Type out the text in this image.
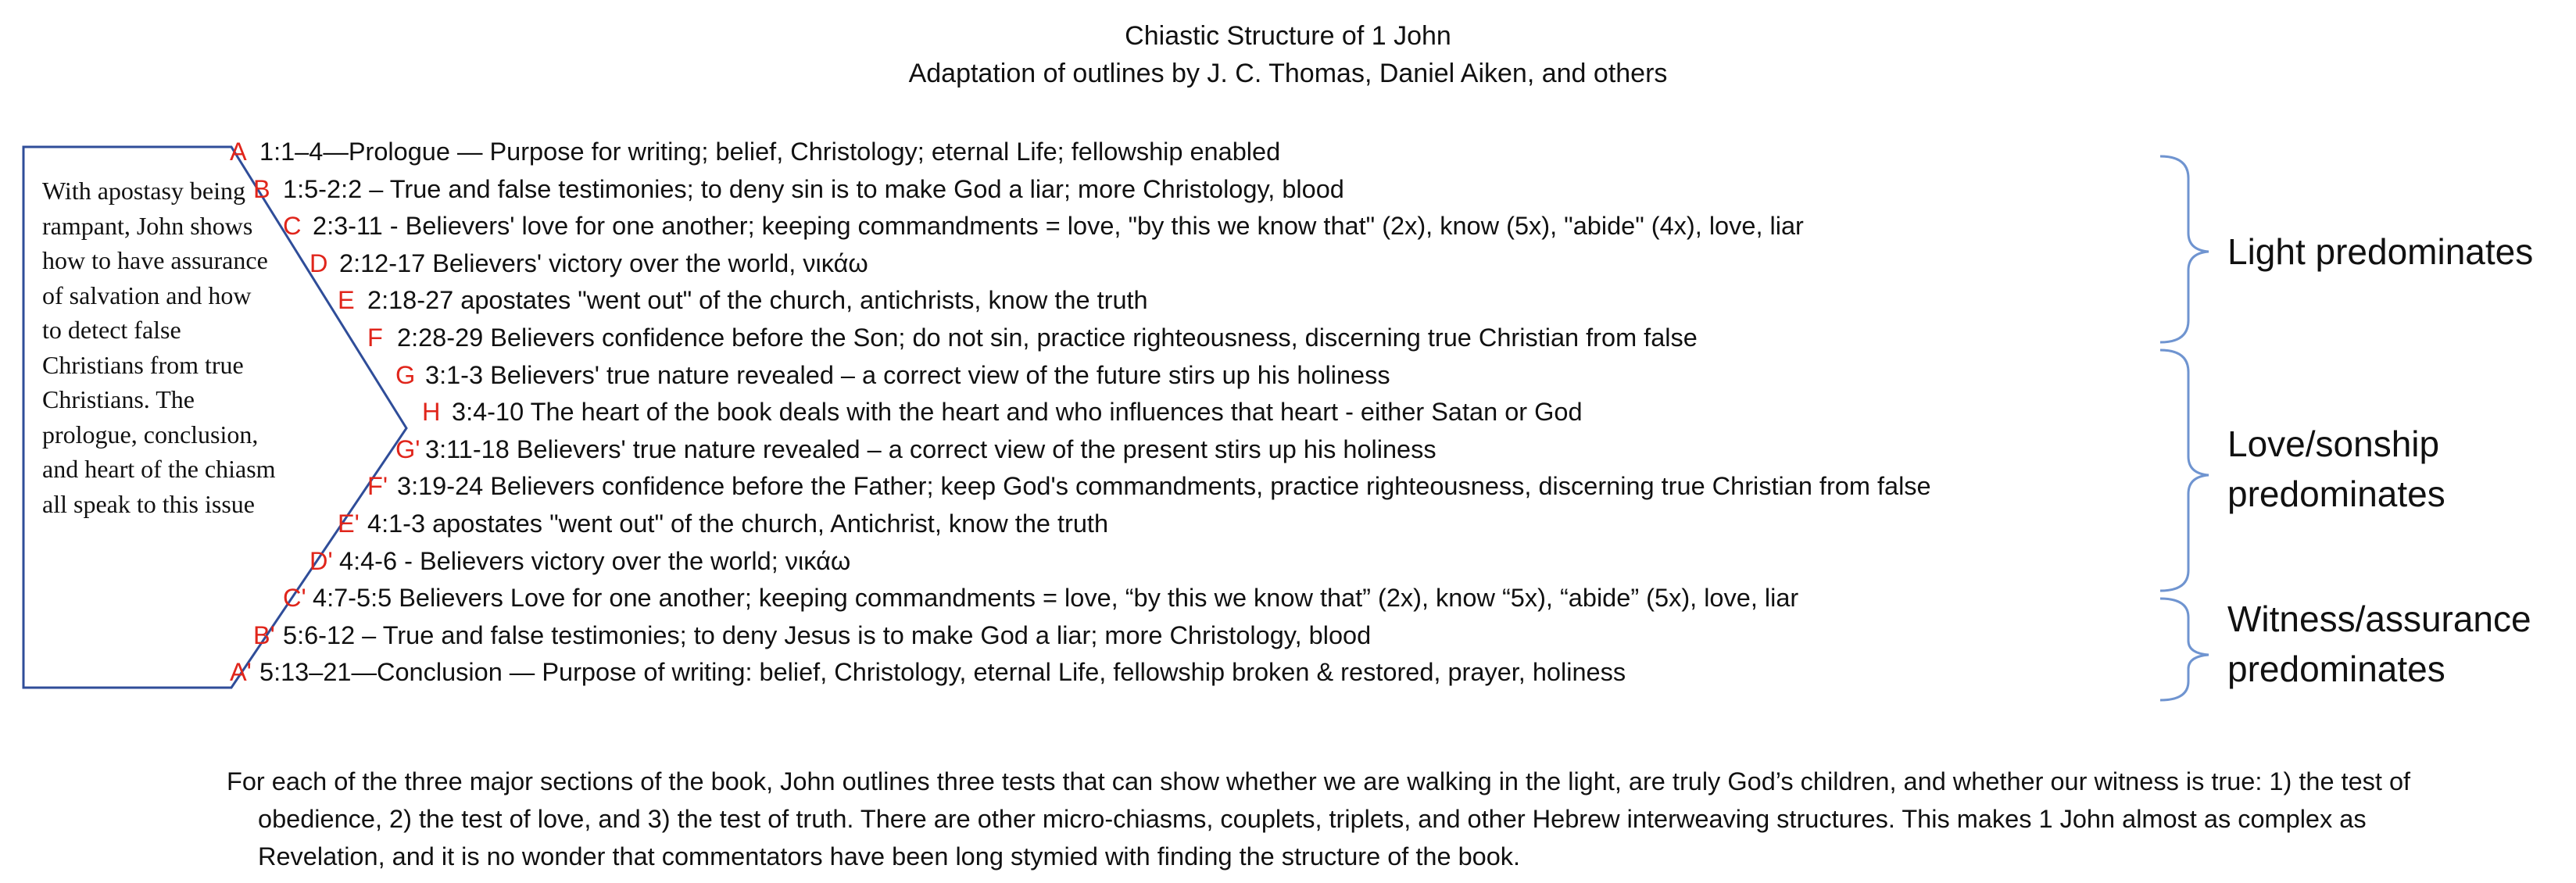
Chiastic Structure of 1 John
Adaptation of outlines by J. C. Thomas, Daniel Aiken, and others
With apostasy being rampant, John shows how to have assurance of salvation and how to detect false Christians from true Christians. The prologue, conclusion, and heart of the chiasm all speak to this issue
A 1:1–4—Prologue — Purpose for writing; belief, Christology; eternal Life; fellowship enabled
B 1:5-2:2 – True and false testimonies; to deny sin is to make God a liar; more Christology, blood
C 2:3-11 - Believers' love for one another; keeping commandments = love, "by this we know that" (2x), know (5x), "abide" (4x), love, liar
D 2:12-17 Believers' victory over the world, νικάω
E 2:18-27 apostates "went out" of the church, antichrists, know the truth
F 2:28-29 Believers confidence before the Son; do not sin, practice righteousness, discerning true Christian from false
G 3:1-3 Believers' true nature revealed – a correct view of the future stirs up his holiness
H 3:4-10 The heart of the book deals with the heart and who influences that heart - either Satan or God
G' 3:11-18 Believers' true nature revealed – a correct view of the present stirs up his holiness
F' 3:19-24 Believers confidence before the Father; keep God's commandments, practice righteousness, discerning true Christian from false
E' 4:1-3 apostates "went out" of the church, Antichrist, know the truth
D' 4:4-6 - Believers victory over the world; νικάω
C' 4:7-5:5 Believers Love for one another; keeping commandments = love, “by this we know that” (2x), know “5x), “abide” (5x), love, liar
B' 5:6-12 – True and false testimonies; to deny Jesus is to make God a liar; more Christology, blood
A' 5:13–21—Conclusion — Purpose of writing: belief, Christology, eternal Life, fellowship broken & restored, prayer, holiness
Light predominates
Love/sonship
predominates
Witness/assurance
predominates
For each of the three major sections of the book, John outlines three tests that can show whether we are walking in the light, are truly God’s children, and whether our witness is true: 1) the test of obedience, 2) the test of love, and 3) the test of truth. There are other micro-chiasms, couplets, triplets, and other Hebrew interweaving structures. This makes 1 John almost as complex as Revelation, and it is no wonder that commentators have been long stymied with finding the structure of the book.
